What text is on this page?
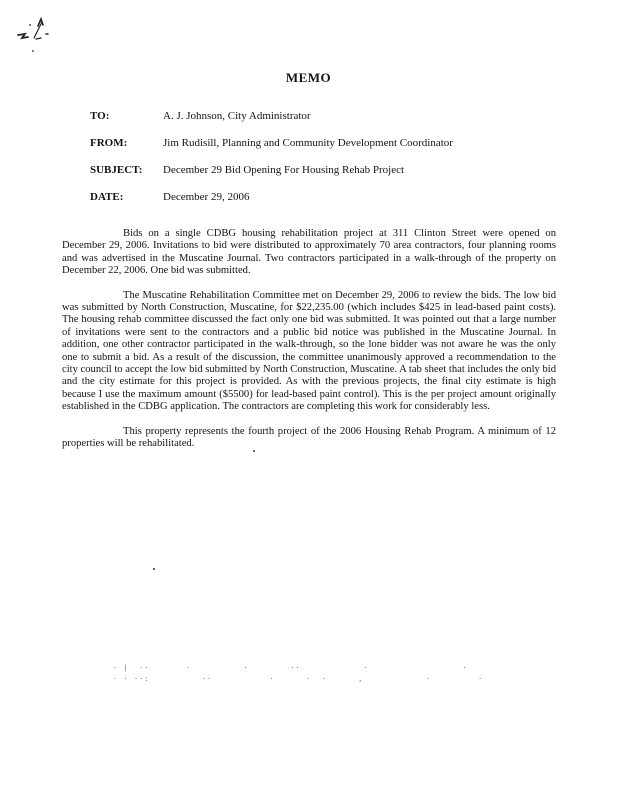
MEMO
TO:	A. J. Johnson, City Administrator
FROM:	Jim Rudisill, Planning and Community Development Coordinator
SUBJECT:	December 29 Bid Opening For Housing Rehab Project
DATE:	December 29, 2006

Bids on a single CDBG housing rehabilitation project at 311 Clinton Street were opened on December 29, 2006. Invitations to bid were distributed to approximately 70 area contractors, four planning rooms and was advertised in the Muscatine Journal. Two contractors participated in a walk-through of the property on December 22, 2006. One bid was submitted.

The Muscatine Rehabilitation Committee met on December 29, 2006 to review the bids. The low bid was submitted by North Construction, Muscatine, for $22,235.00 (which includes $425 in lead-based paint costs). The housing rehab committee discussed the fact only one bid was submitted. It was pointed out that a large number of invitations were sent to the contractors and a public bid notice was published in the Muscatine Journal. In addition, one other contractor participated in the walk-through, so the lone bidder was not aware he was the only one to submit a bid. As a result of the discussion, the committee unanimously approved a recommendation to the city council to accept the low bid submitted by North Construction, Muscatine. A tab sheet that includes the only bid and the city estimate for this project is provided. As with the previous projects, the final city estimate is high because I use the maximum amount ($5500) for lead-based paint control). This is the per project amount originally established in the CDBG application. The contractors are completing this work for considerably less.

This property represents the fourth project of the 2006 Housing Rehab Program. A minimum of 12 properties will be rehabilitated.

· |  ··       ·          ·        ··            ·                  ·
· · ··:          ··           ·      ·  ·      ,            ·         ·
